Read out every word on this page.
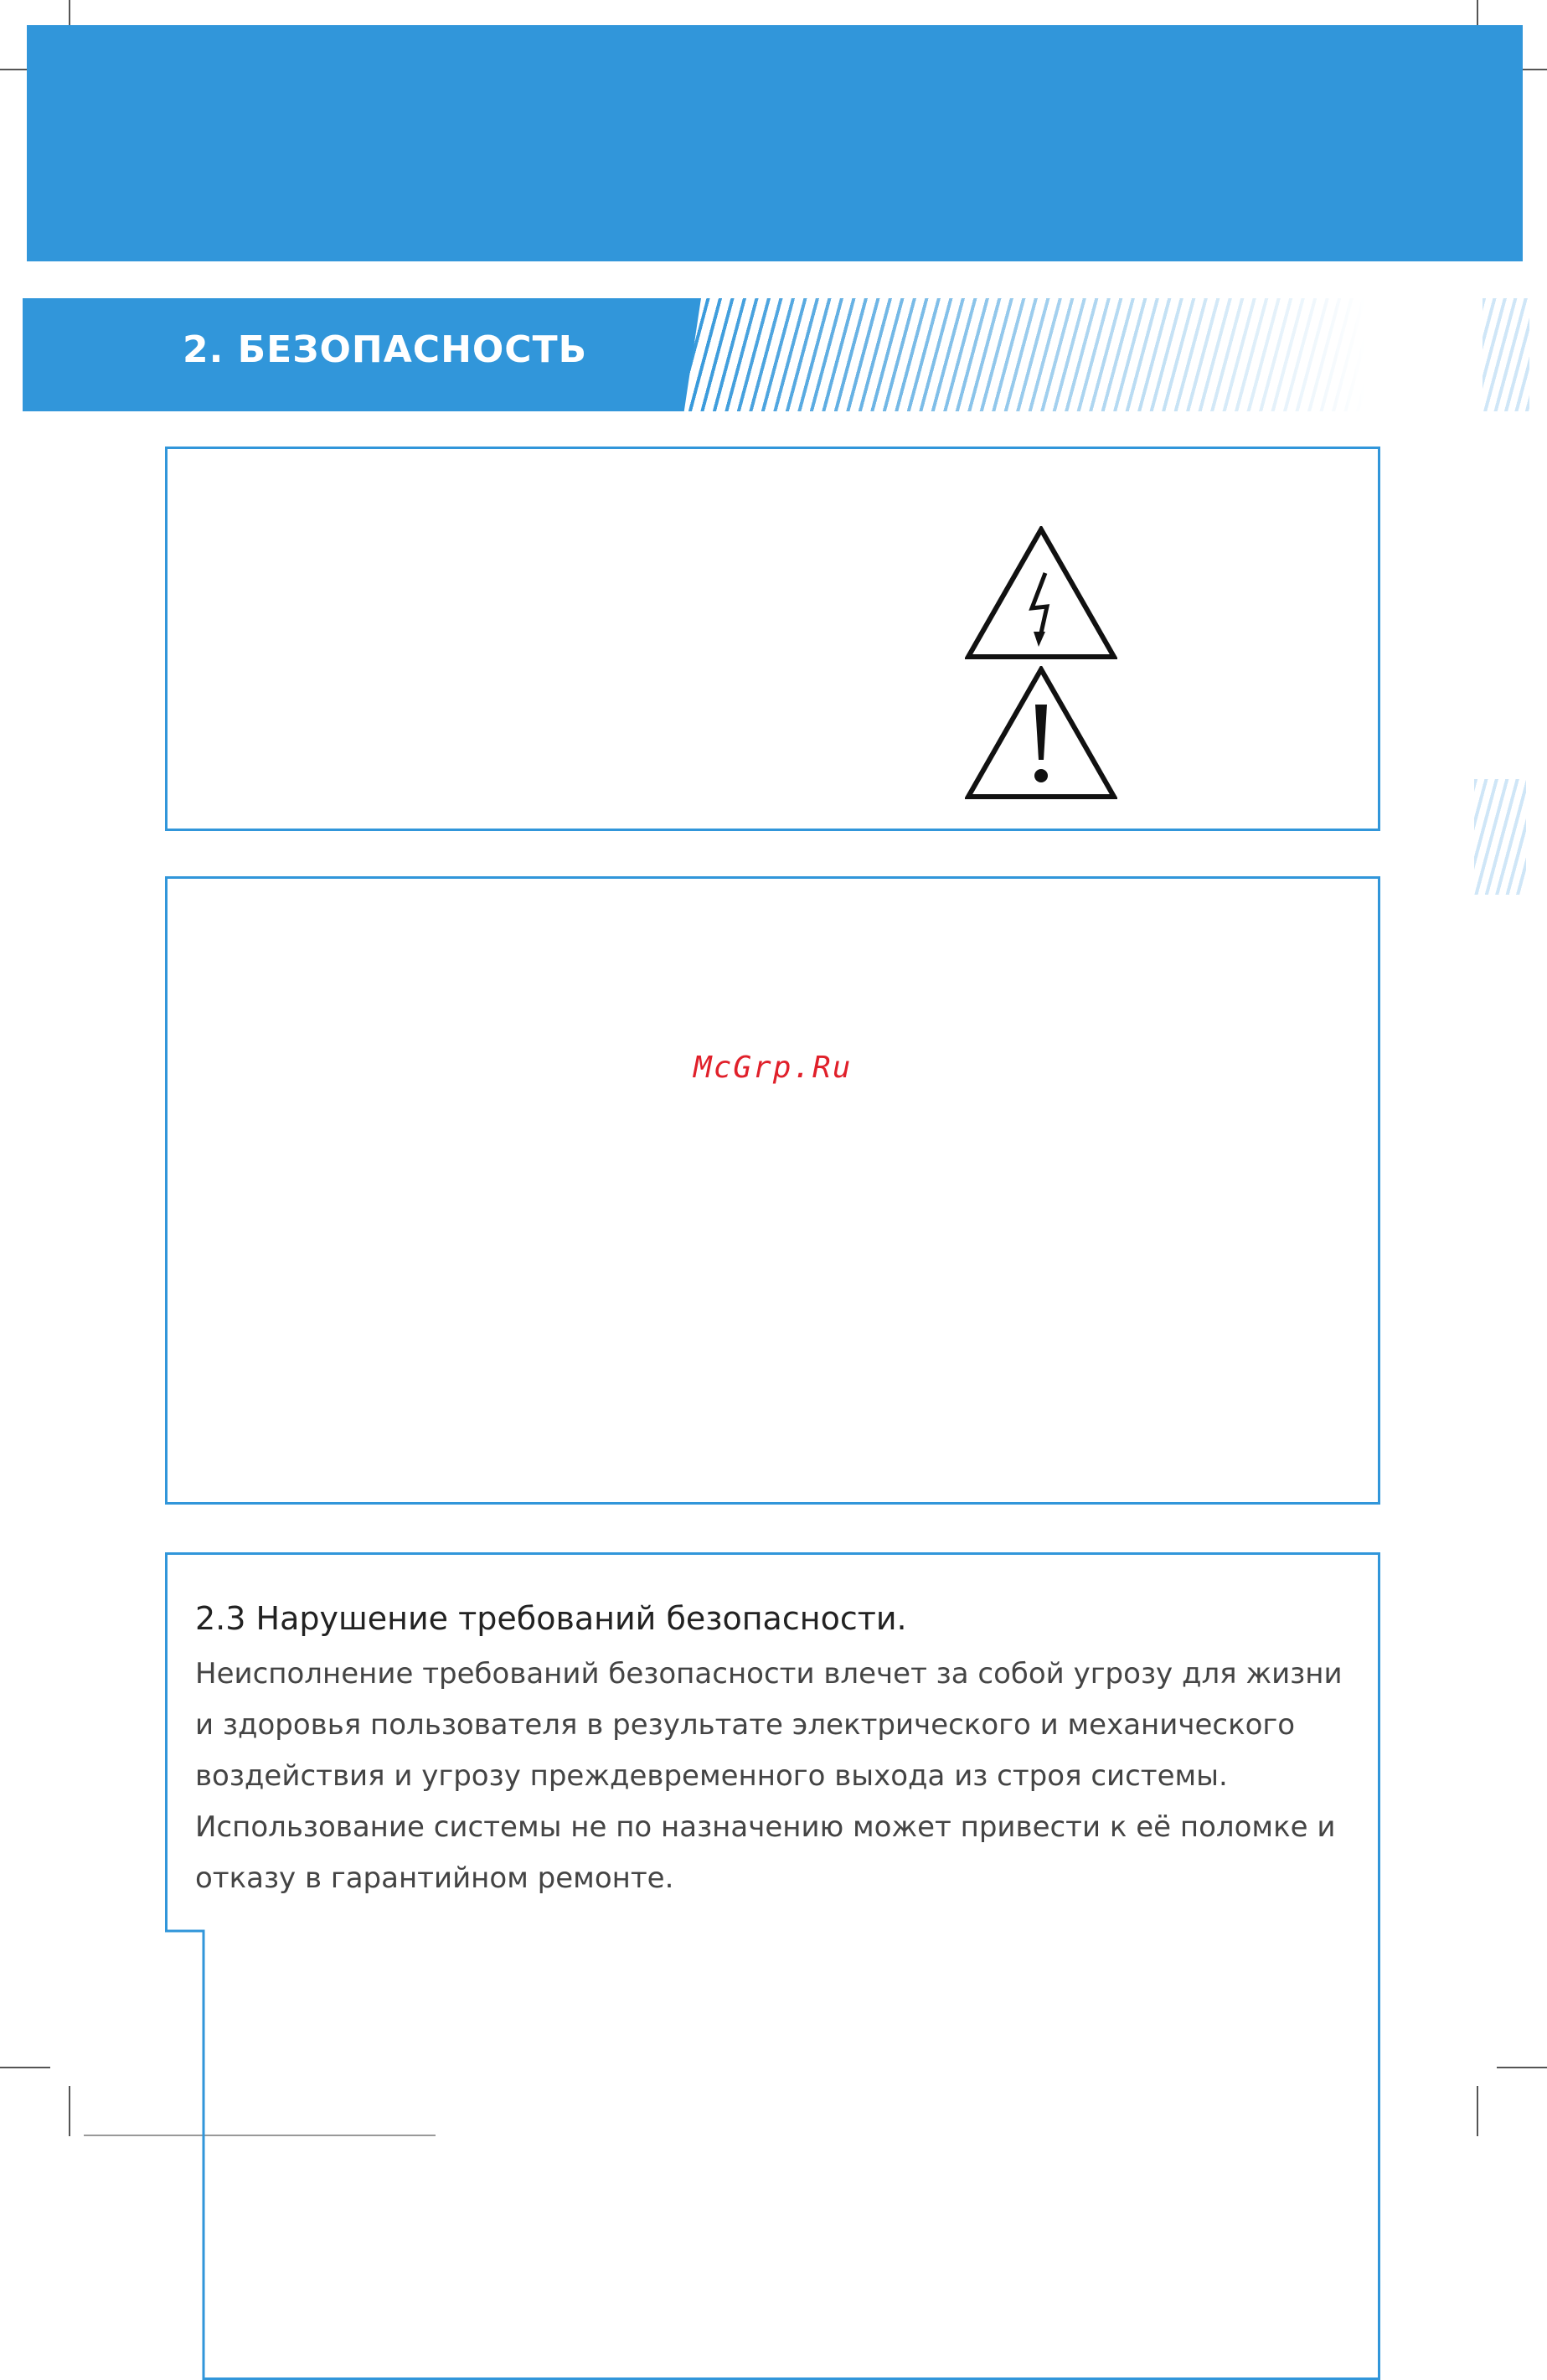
2. БЕЗОПАСНОСТЬ
McGrp.Ru
2.3 Нарушение требований безопасности.

Неисполнение требований безопасности влечет за собой угрозу для жизни

и здоровья пользователя в результате электрического и механического

воздействия и угрозу преждевременного выхода из строя системы.

Использование системы не по назначению может привести к её поломке и

отказу в гарантийном ремонте.
